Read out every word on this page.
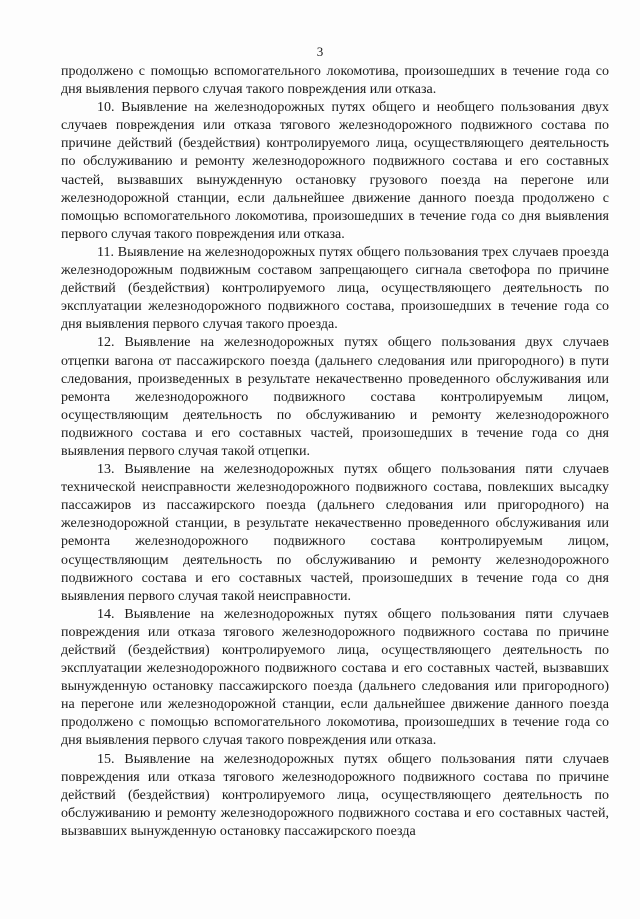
3

продолжено с помощью вспомогательного локомотива, произошедших в течение года со дня выявления первого случая такого повреждения или отказа.

10. Выявление на железнодорожных путях общего и необщего пользования двух случаев повреждения или отказа тягового железнодорожного подвижного состава по причине действий (бездействия) контролируемого лица, осуществляющего деятельность по обслуживанию и ремонту железнодорожного подвижного состава и его составных частей, вызвавших вынужденную остановку грузового поезда на перегоне или железнодорожной станции, если дальнейшее движение данного поезда продолжено с помощью вспомогательного локомотива, произошедших в течение года со дня выявления первого случая такого повреждения или отказа.

11. Выявление на железнодорожных путях общего пользования трех случаев проезда железнодорожным подвижным составом запрещающего сигнала светофора по причине действий (бездействия) контролируемого лица, осуществляющего деятельность по эксплуатации железнодорожного подвижного состава, произошедших в течение года со дня выявления первого случая такого проезда.

12. Выявление на железнодорожных путях общего пользования двух случаев отцепки вагона от пассажирского поезда (дальнего следования или пригородного) в пути следования, произведенных в результате некачественно проведенного обслуживания или ремонта железнодорожного подвижного состава контролируемым лицом, осуществляющим деятельность по обслуживанию и ремонту железнодорожного подвижного состава и его составных частей, произошедших в течение года со дня выявления первого случая такой отцепки.

13. Выявление на железнодорожных путях общего пользования пяти случаев технической неисправности железнодорожного подвижного состава, повлекших высадку пассажиров из пассажирского поезда (дальнего следования или пригородного) на железнодорожной станции, в результате некачественно проведенного обслуживания или ремонта железнодорожного подвижного состава контролируемым лицом, осуществляющим деятельность по обслуживанию и ремонту железнодорожного подвижного состава и его составных частей, произошедших в течение года со дня выявления первого случая такой неисправности.

14. Выявление на железнодорожных путях общего пользования пяти случаев повреждения или отказа тягового железнодорожного подвижного состава по причине действий (бездействия) контролируемого лица, осуществляющего деятельность по эксплуатации железнодорожного подвижного состава и его составных частей, вызвавших вынужденную остановку пассажирского поезда (дальнего следования или пригородного) на перегоне или железнодорожной станции, если дальнейшее движение данного поезда продолжено с помощью вспомогательного локомотива, произошедших в течение года со дня выявления первого случая такого повреждения или отказа.

15. Выявление на железнодорожных путях общего пользования пяти случаев повреждения или отказа тягового железнодорожного подвижного состава по причине действий (бездействия) контролируемого лица, осуществляющего деятельность по обслуживанию и ремонту железнодорожного подвижного состава и его составных частей, вызвавших вынужденную остановку пассажирского поезда
